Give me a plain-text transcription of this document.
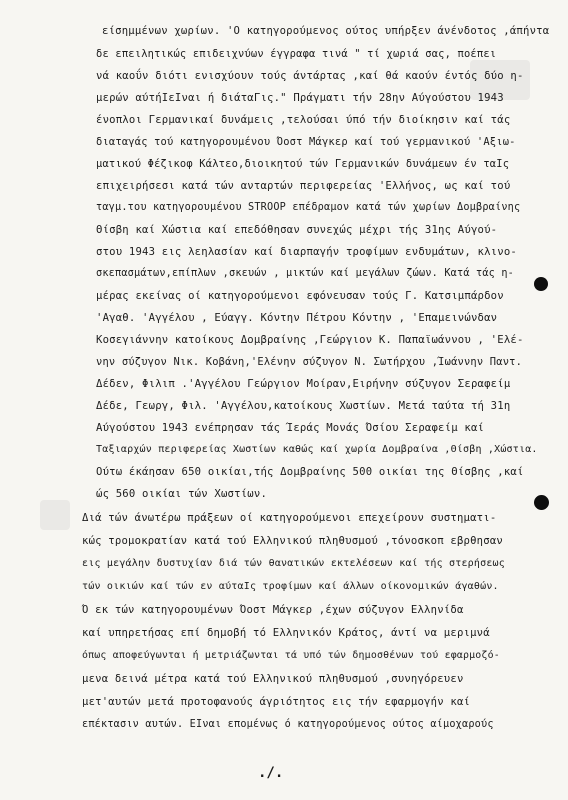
είσημμένων χωρίων. 'Ο κατηγορούμενος ούτος υπήρξεν άνένδοτος ,άπήντα
δε επειλητικώς επιδειχνύων έγγραφα τινά " τί χωριά σας, ποέπει
νά καοΰν διότι ενισχύουν τούς άντάρτας ,καί θά καούν έντός δύο η-
μερών αύτήΙεΙναι ή διάταΓις." Πράγματι τήν 28ην Αύγούστου 1943
ένοπλοι Γερμανικαί δυνάμεις ,τελούσαι ύπό τήν διοίκησιν καί τάς
διαταγάς τού κατηγορουμένου Όοστ Μάγκερ καί τού γερμανικού 'Αξιω-
ματικού Φέζικοφ Κάλτεο,διοικητού τών Γερμανικών δυνάμεων έν ταΙς
επιχειρήσεσι κατά τών ανταρτών περιφερείας 'Ελλήνος, ως καί τού
ταγμ.του κατηγορουμένου STROOP επέδραμον κατά τών χωρίων Δομβραίνης
Θίσβη καί Χώστια καί επεδόθησαν συνεχώς μέχρι τής 31ης Αύγού-
στου 1943 εις λεηλασίαν καί διαρπαγήν τροφίμων ενδυμάτων, κλινο-
σκεπασμάτων,επίπλων ,σκευών , μικτών καί μεγάλων ζώων. Κατά τάς η-
μέρας εκείνας οί κατηγορούμενοι εφόνευσαν τούς Γ. Κατσιμπάρδον
'Αγαθ. 'Αγγέλου , Εύαγγ. Κόντην Πέτρου Κόντην , 'Επαμεινώνδαν
Κοσεγιάννην κατοίκους Δομβραίνης ,Γεώργιον Κ. Παπαϊωάννου , 'Ελέ-
νην σύζυγον Νικ. Κοβάνη,'Ελένην σύζυγον Ν. Σωτήρχου ,Ίωάννην Παντ.
Δέδεν, Φιλιπ .'Αγγέλου Γεώργιον Μοίραν,Ειρήνην σύζυγον Σεραφείμ
Δέδε, Γεωργ, Φιλ. 'Αγγέλου,κατοίκους Χωστίων. Μετά ταύτα τή 31η
Αύγούστου 1943 ενέπρησαν τάς Ίεράς Μονάς Όσίου Σεραφείμ καί
Ταξιαρχών περιφερείας Χωστίων καθώς καί χωρία Δομβραίνα ,Θίσβη ,Χώστια.
Ούτω έκάησαν 650 οικίαι,τής Δομβραίνης 500 οικίαι της Θίσβης ,καί
ώς 560 οικίαι τών Χωστίων.
Διά τών άνωτέρω πράξεων οί κατηγορούμενοι επεχείρουν συστηματι-
κώς τρομοκρατίαν κατά τού Ελληνικού πληθυσμού ,τόνοσκοπ εβρθησαν
εις μεγάλην δυστυχίαν διά τών θανατικών εκτελέσεων καί τής στερήσεως
τών οικιών καί τών εν αύταΙς τροφίμων καί άλλων οίκονομικών άγαθών.
Ό εκ τών κατηγορουμένων Όοστ Μάγκερ ,έχων σύζυγον Ελληνίδα
καί υπηρετήσας επί δημοβή τό Ελληνικόν Κράτος, άντί να μεριμνά
όπως αποφεύγωνται ή μετριάζωνται τά υπό τών δημοσθένων τού εφαρμοζό-
μενα δεινά μέτρα κατά τού Ελληνικού πληθυσμού ,συνηγόρευεν
μετ'αυτών μετά προτοφανούς άγριότητος εις τήν εφαρμογήν καί
επέκτασιν αυτών. ΕΙναι επομένως ό κατηγορούμενος ούτος αίμοχαρούς
./.
